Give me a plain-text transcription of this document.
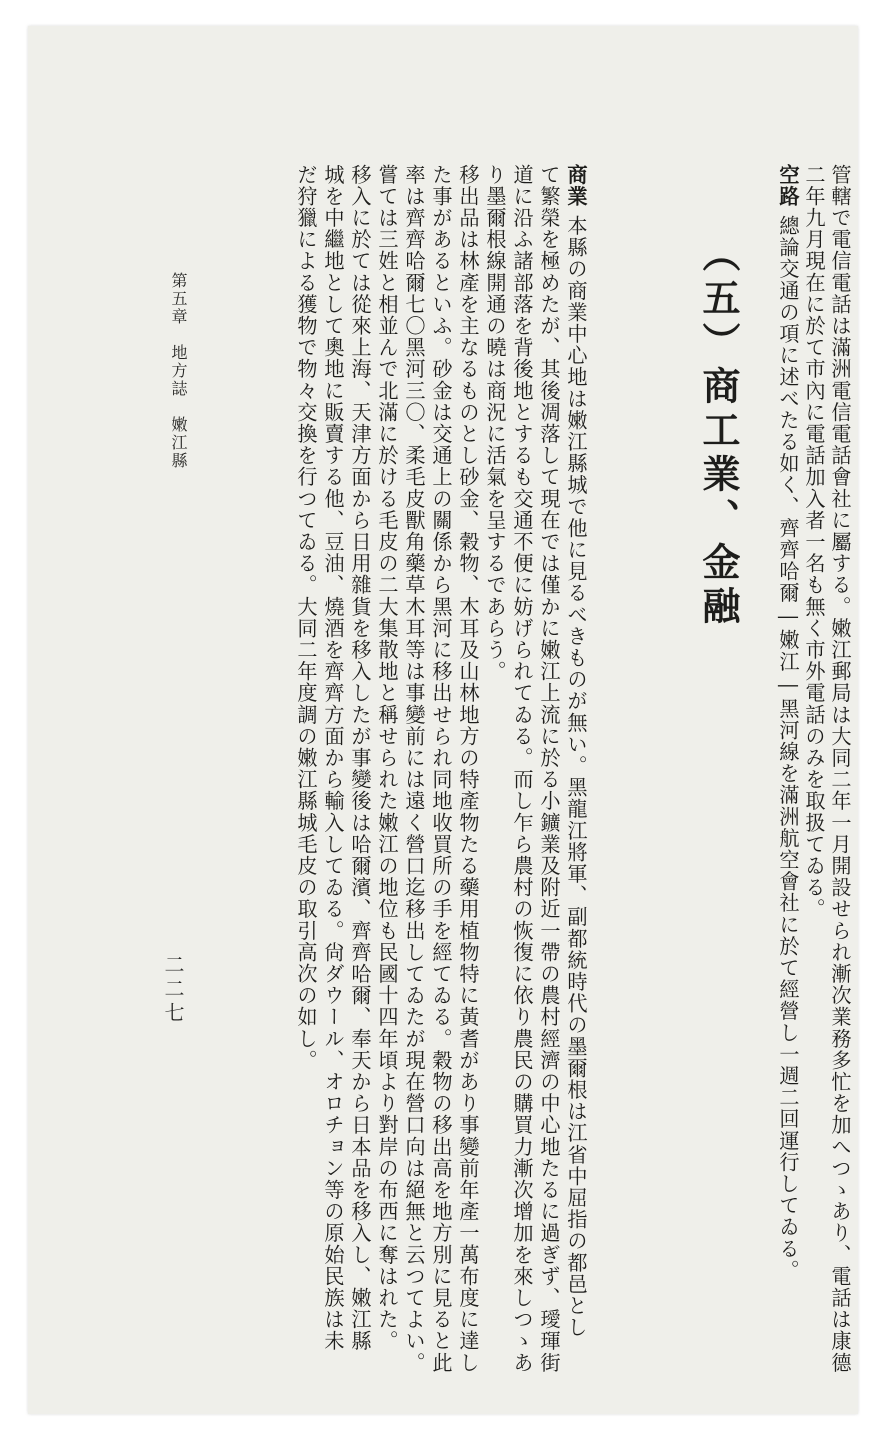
管轄で電信電話は滿洲電信電話會社に屬する。嫩江郵局は大同二年一月開設せられ漸次業務多忙を加へつゝあり、電話は康德
二年九月現在に於て市內に電話加入者一名も無く市外電話のみを取扱てゐる。
空路總論交通の項に述べたる如く、齊齊哈爾―嫩江―黑河線を滿洲航空會社に於て經營し一週二回運行してゐる。
（五）商工業、金融
商業本縣の商業中心地は嫩江縣城で他に見るべきものが無い。黑龍江將軍、副都統時代の墨爾根は江省中屈指の都邑とし
て繁榮を極めたが、其後凋落して現在では僅かに嫩江上流に於る小鑛業及附近一帶の農村經濟の中心地たるに過ぎず、璦琿街
道に沿ふ諸部落を背後地とするも交通不便に妨げられてゐる。而し乍ら農村の恢復に依り農民の購買力漸次增加を來しつゝあ
り墨爾根線開通の曉は商況に活氣を呈するであらう。
移出品は林產を主なるものとし砂金、穀物、木耳及山林地方の特產物たる藥用植物特に黃耆があり事變前年產一萬布度に達し
た事があるといふ。砂金は交通上の關係から黑河に移出せられ同地收買所の手を經てゐる。穀物の移出高を地方別に見ると此
率は齊齊哈爾七〇黑河三〇、柔毛皮獸角藥草木耳等は事變前には遠く營口迄移出してゐたが現在營口向は絕無と云つてよい。
嘗ては三姓と相並んで北滿に於ける毛皮の二大集散地と稱せられた嫩江の地位も民國十四年頃より對岸の布西に奪はれた。
移入に於ては從來上海、天津方面から日用雜貨を移入したが事變後は哈爾濱、齊齊哈爾、奉天から日本品を移入し、嫩江縣
城を中繼地として奧地に販賣する他、豆油、燒酒を齊齊方面から輸入してゐる。尙ダウール、オロチョン等の原始民族は未
だ狩獵による獲物で物々交換を行つてゐる。大同二年度調の嫩江縣城毛皮の取引高次の如し。
第五章　地方誌　嫩江縣
二二七
